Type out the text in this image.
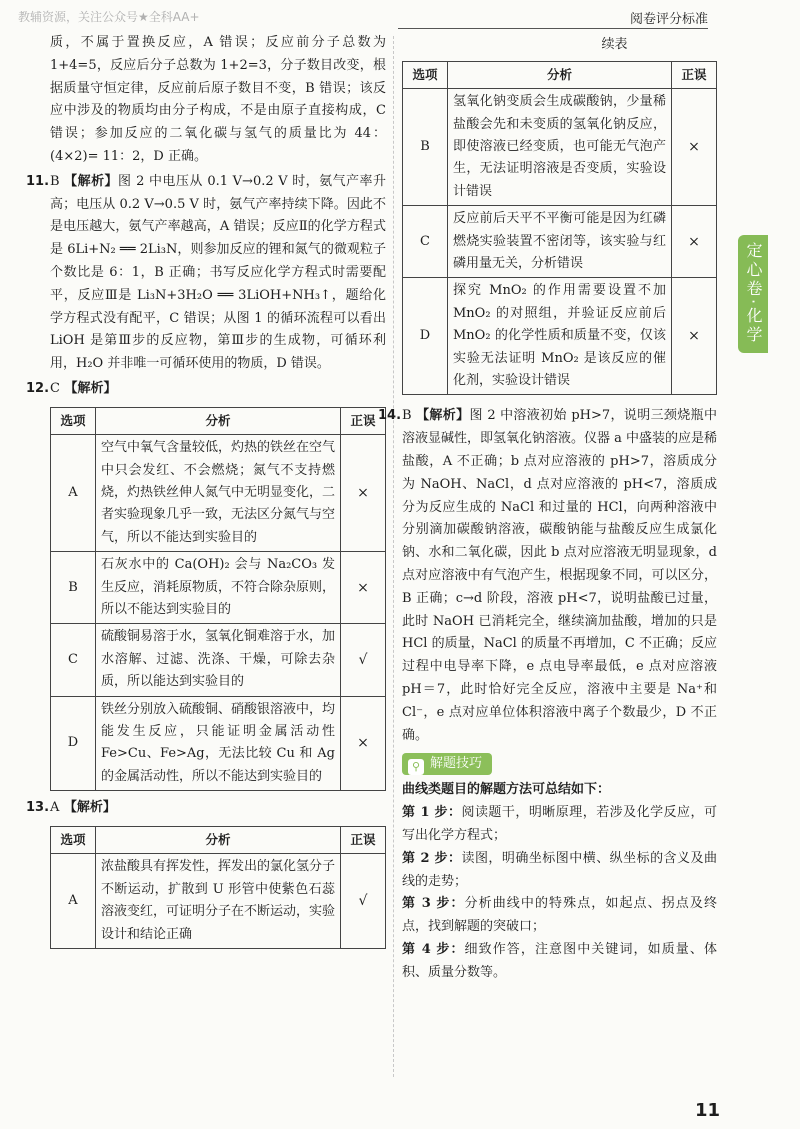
教辅资源，关注公众号★全科AA+	阅卷评分标准

质，不属于置换反应，A 错误；反应前分子总数为 1+4=5，反应后分子总数为 1+2=3，分子数目改变，根据质量守恒定律，反应前后原子数目不变，B 错误；该反应中涉及的物质均由分子构成，不是由原子直接构成，C 错误；参加反应的二氧化碳与氢气的质量比为 44：(4×2)= 11：2，D 正确。

11.B 【解析】图 2 中电压从 0.1 V→0.2 V 时，氨气产率升高；电压从 0.2 V→0.5 V 时，氨气产率持续下降。因此不是电压越大，氨气产率越高，A 错误；反应Ⅱ的化学方程式是 6Li+N₂ ══ 2Li₃N，则参加反应的锂和氮气的微观粒子个数比是 6：1，B 正确；书写反应化学方程式时需要配平，反应Ⅲ是 Li₃N+3H₂O ══ 3LiOH+NH₃↑，题给化学方程式没有配平，C 错误；从图 1 的循环流程可以看出 LiOH 是第Ⅲ步的反应物，第Ⅲ步的生成物，可循环利用，H₂O 并非唯一可循环使用的物质，D 错误。

12.C 【解析】

选项	分析	正误
A	空气中氧气含量较低，灼热的铁丝在空气中只会发红、不会燃烧；氮气不支持燃烧，灼热铁丝伸人氮气中无明显变化，二者实验现象几乎一致，无法区分氮气与空气，所以不能达到实验目的	×
B	石灰水中的 Ca(OH)₂ 会与 Na₂CO₃ 发生反应，消耗原物质，不符合除杂原则，所以不能达到实验目的	×
C	硫酸铜易溶于水，氢氧化铜难溶于水，加水溶解、过滤、洗涤、干燥，可除去杂质，所以能达到实验目的	√
D	铁丝分别放入硫酸铜、硝酸银溶液中，均能发生反应，只能证明金属活动性 Fe>Cu、Fe>Ag，无法比较 Cu 和 Ag 的金属活动性，所以不能达到实验目的	×

13.A 【解析】

选项	分析	正误
A	浓盐酸具有挥发性，挥发出的氯化氢分子不断运动，扩散到 U 形管中使紫色石蕊溶液变红，可证明分子在不断运动，实验设计和结论正确	√
续表
选项	分析	正误
B	氢氧化钠变质会生成碳酸钠，少量稀盐酸会先和未变质的氢氧化钠反应，即使溶液已经变质，也可能无气泡产生，无法证明溶液是否变质，实验设计错误	×
C	反应前后天平不平衡可能是因为红磷燃烧实验装置不密闭等，该实验与红磷用量无关，分析错误	×
D	探究 MnO₂ 的作用需要设置不加 MnO₂ 的对照组，并验证反应前后 MnO₂ 的化学性质和质量不变，仅该实验无法证明 MnO₂ 是该反应的催化剂，实验设计错误	×

14.B 【解析】图 2 中溶液初始 pH>7，说明三颈烧瓶中溶液显碱性，即氢氧化钠溶液。仪器 a 中盛装的应是稀盐酸，A 不正确；b 点对应溶液的 pH>7，溶质成分为 NaOH、NaCl，d 点对应溶液的 pH<7，溶质成分为反应生成的 NaCl 和过量的 HCl，向两种溶液中分别滴加碳酸钠溶液，碳酸钠能与盐酸反应生成氯化钠、水和二氧化碳，因此 b 点对应溶液无明显现象，d 点对应溶液中有气泡产生，根据现象不同，可以区分，B 正确；c→d 阶段，溶液 pH<7，说明盐酸已过量，此时 NaOH 已消耗完全，继续滴加盐酸，增加的只是 HCl 的质量，NaCl 的质量不再增加，C 不正确；反应过程中电导率下降，e 点电导率最低，e 点对应溶液 pH＝7，此时恰好完全反应，溶液中主要是 Na⁺和 Cl⁻，e 点对应单位体积溶液中离子个数最少，D 不正确。

⚲ 解题技巧

曲线类题目的解题方法可总结如下：

第 1 步：阅读题干，明晰原理，若涉及化学反应，可写出化学方程式；

第 2 步：读图，明确坐标图中横、纵坐标的含义及曲线的走势；

第 3 步：分析曲线中的特殊点，如起点、拐点及终点，找到解题的突破口；

第 4 步：细致作答，注意图中关键词，如质量、体积、质量分数等。

定心卷·化学
11
